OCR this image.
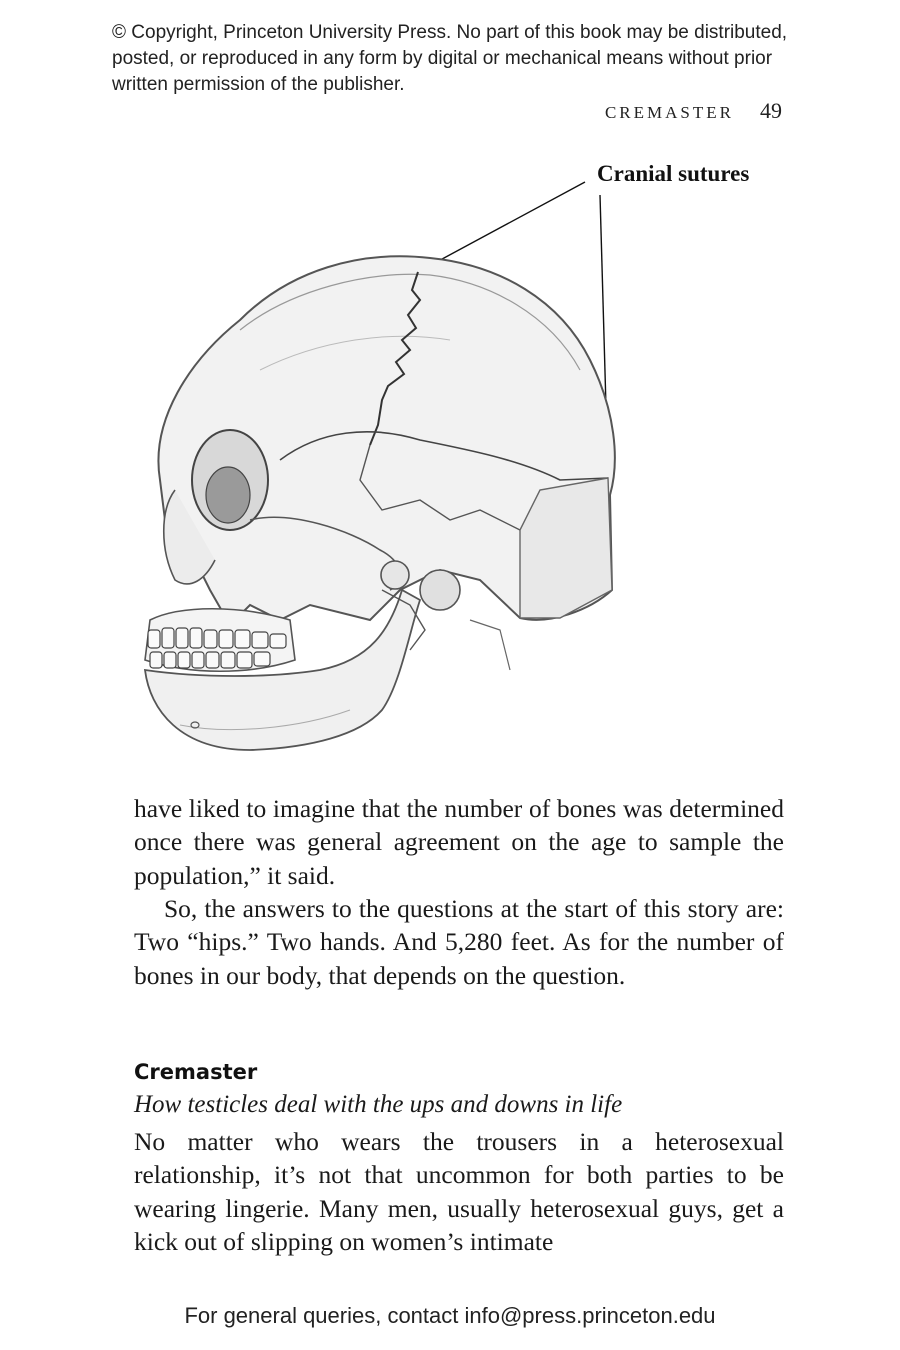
© Copyright, Princeton University Press. No part of this book may be distributed, posted, or reproduced in any form by digital or mechanical means without prior written permission of the publisher.
CREMASTER 49
Cranial sutures

have liked to imagine that the number of bones was determined once there was general agreement on the age to sample the population,” it said.

So, the answers to the questions at the start of this story are: Two “hips.” Two hands. And 5,280 feet. As for the number of bones in our body, that depends on the question.

Cremaster
How testicles deal with the ups and downs in life

No matter who wears the trousers in a heterosexual relationship, it’s not that uncommon for both parties to be wearing lingerie. Many men, usually heterosexual guys, get a kick out of slipping on women’s intimate

For general queries, contact info@press.princeton.edu
